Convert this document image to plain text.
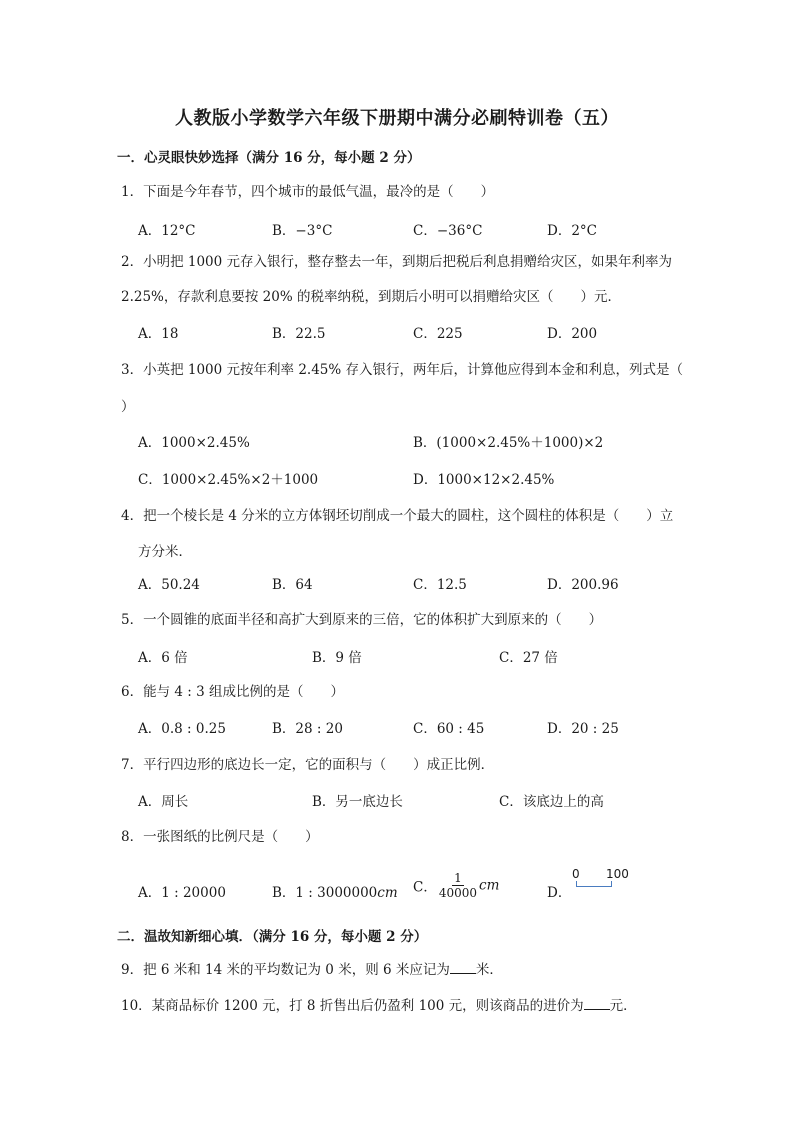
人教版小学数学六年级下册期中满分必刷特训卷（五）
一．心灵眼快妙选择（满分 16 分，每小题 2 分）
1．下面是今年春节，四个城市的最低气温，最冷的是（　　）
A．12°C	B．−3°C	C．−36°C	D．2°C
2．小明把 1000 元存入银行，整存整去一年，到期后把税后利息捐赠给灾区，如果年利率为
2.25%，存款利息要按 20% 的税率纳税，到期后小明可以捐赠给灾区（　　）元．
A．18	B．22.5	C．225	D．200
3．小英把 1000 元按年利率 2.45% 存入银行，两年后，计算他应得到本金和利息，列式是（
）
A．1000×2.45%	B．(1000×2.45%＋1000)×2
C．1000×2.45%×2＋1000	D．1000×12×2.45%
4．把一个棱长是 4 分米的立方体钢坯切削成一个最大的圆柱，这个圆柱的体积是（　　）立
方分米．
A．50.24	B．64	C．12.5	D．200.96
5．一个圆锥的底面半径和高扩大到原来的三倍，它的体积扩大到原来的（　　）
A．6 倍	B．9 倍	C．27 倍
6．能与 4 : 3 组成比例的是（　　）
A．0.8 : 0.25	B．28 : 20	C．60 : 45	D．20 : 25
7．平行四边形的底边长一定，它的面积与（　　）成正比例．
A．周长	B．另一底边长	C．该底边上的高
8．一张图纸的比例尺是（　　）
A．1 : 20000	B．1 : 3000000cm C． $\frac{1}{40000}$ cm	D．
0 100
二．温故知新细心填．（满分 16 分，每小题 2 分）
9．把 6 米和 14 米的平均数记为 0 米，则 6 米应记为 米．
10．某商品标价 1200 元，打 8 折售出后仍盈利 100 元，则该商品的进价为 元．
